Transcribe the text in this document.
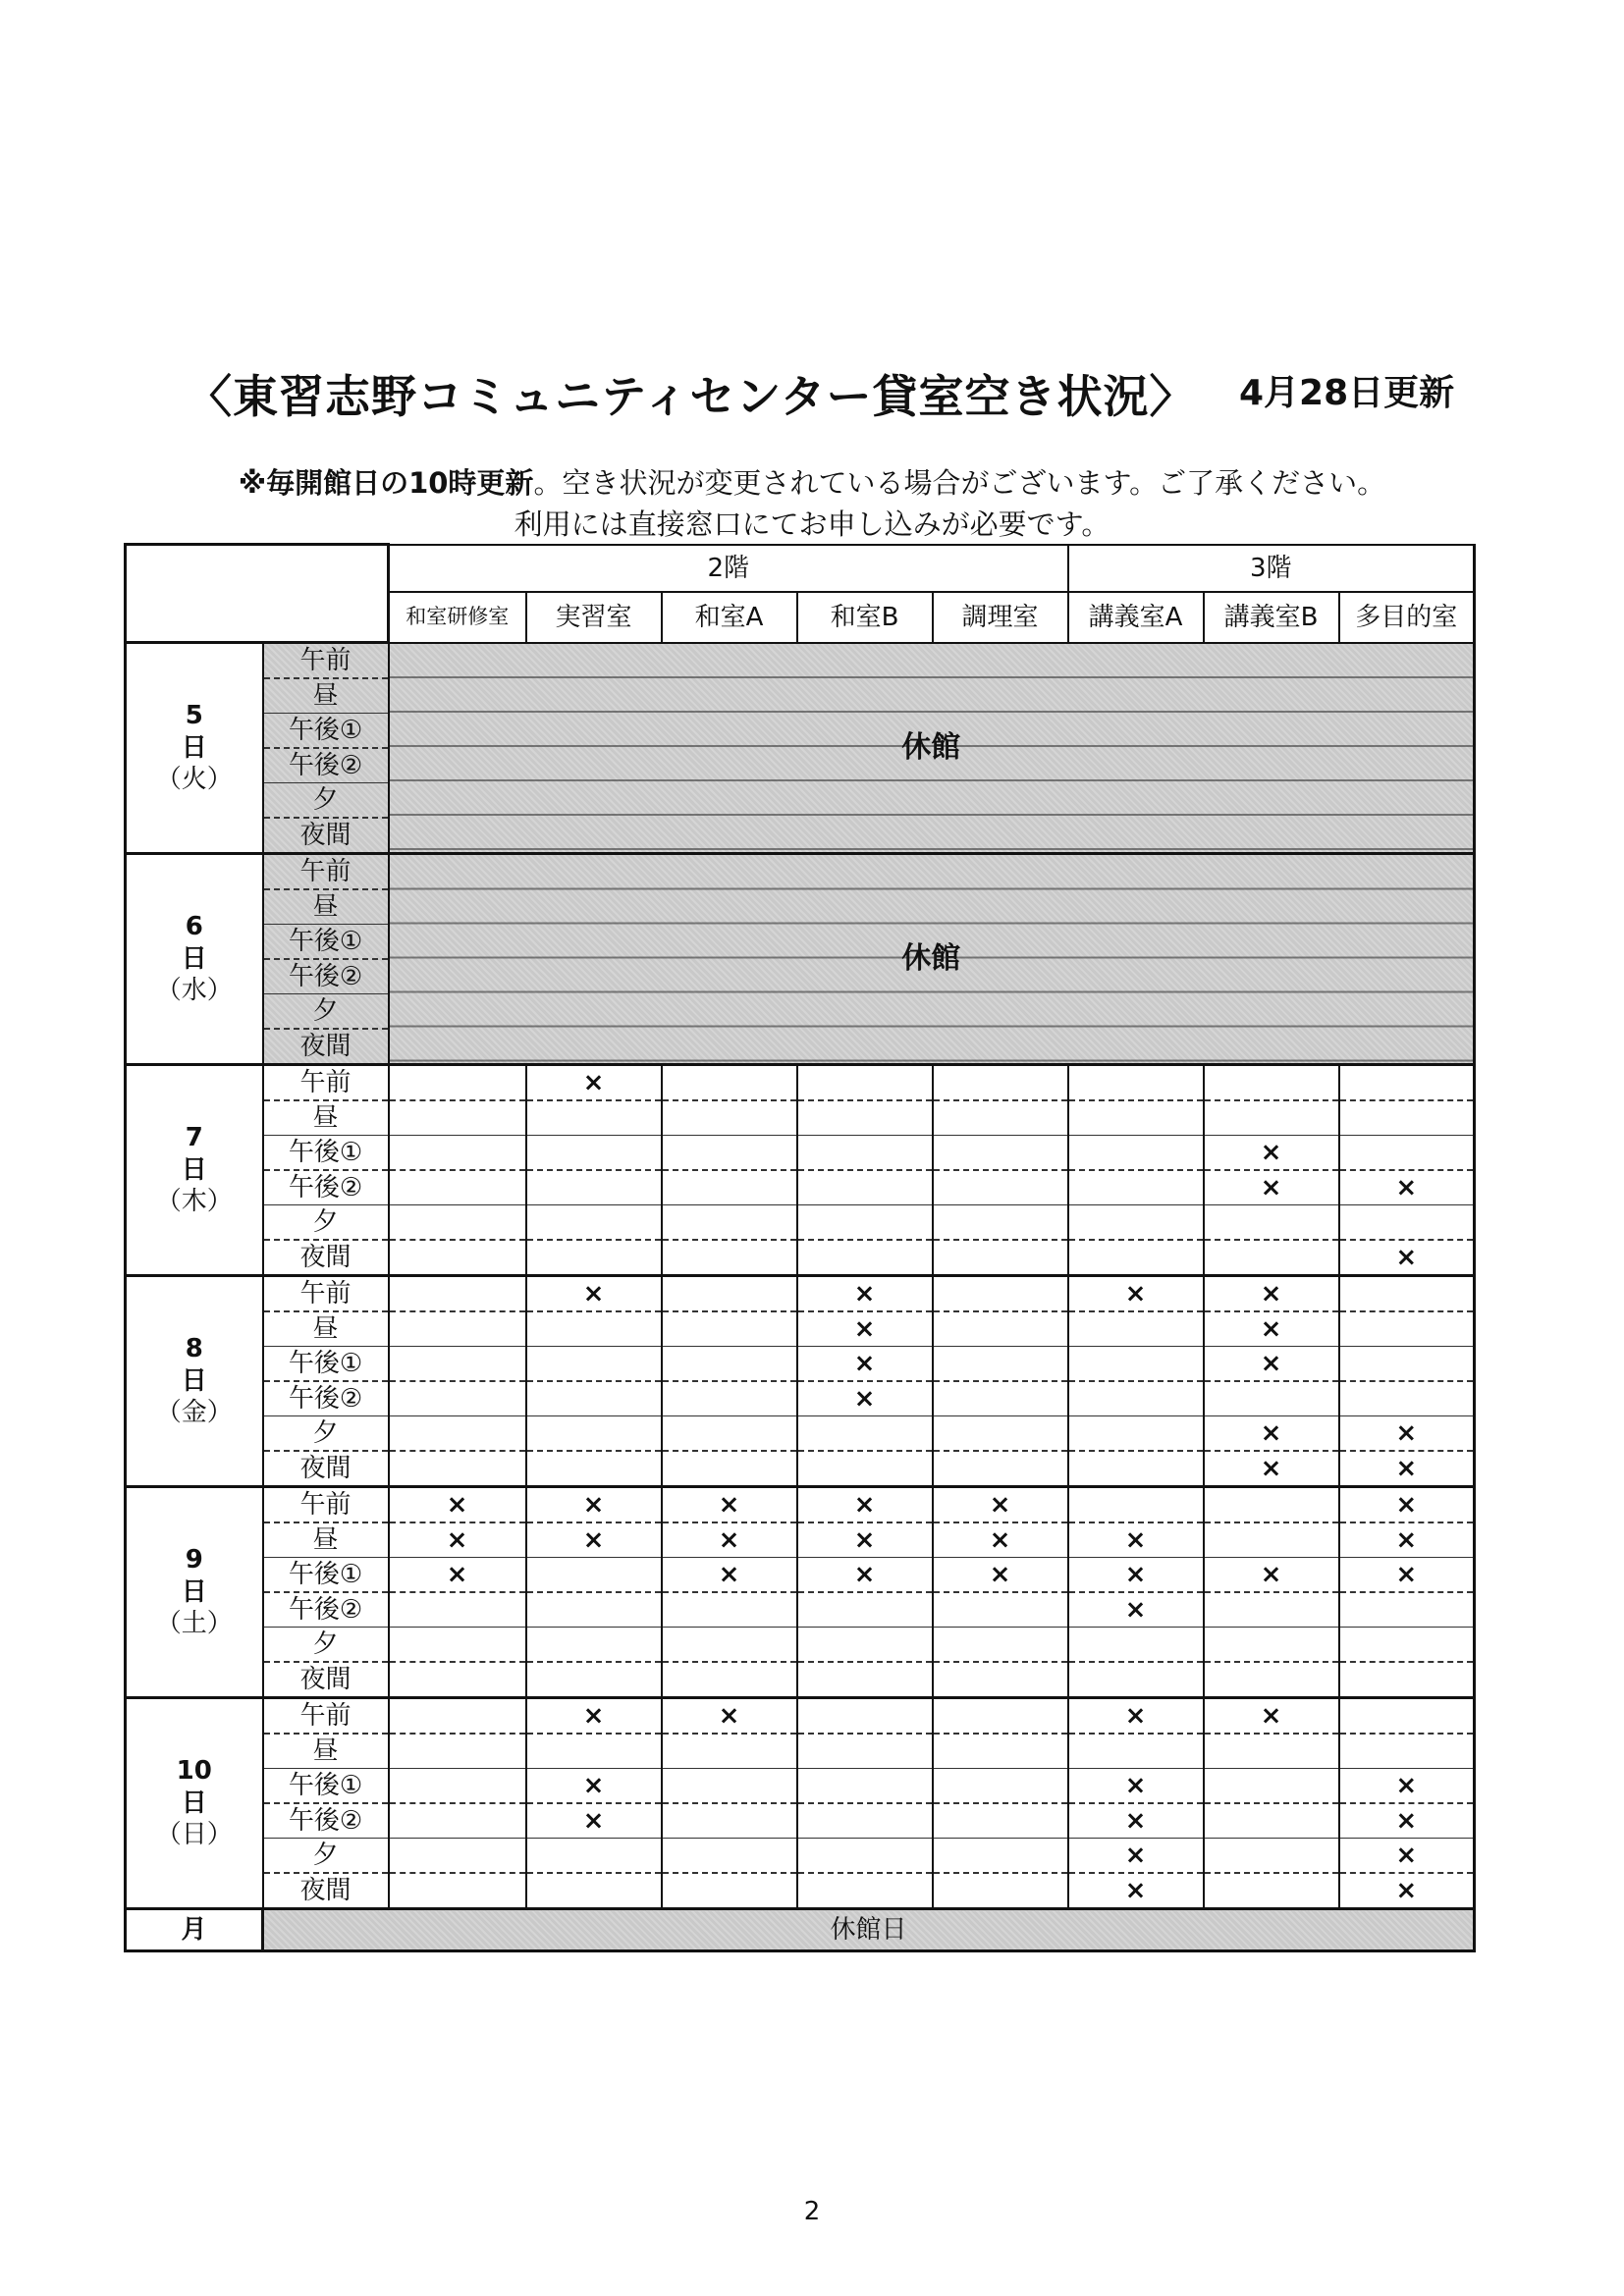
〈東習志野コミュニティセンター貸室空き状況〉 4月28日更新
※毎開館日の10時更新。空き状況が変更されている場合がございます。ご了承ください。
利用には直接窓口にてお申し込みが必要です。
		2階					3階		
		和室研修室	実習室	和室A	和室B	調理室	講義室A	講義室B	多目的室

5
日
（火）	午前	休館							
	昼								
	午後①								
	午後②								
	夕								
	夜間								

6
日
（水）	午前	休館							
	昼								
	午後①								
	午後②								
	夕								
	夜間								

7
日
（木）	午前		×						
	昼								
	午後①							×	
	午後②							×	×
	夕								
	夜間								×

8
日
（金）	午前		×		×		×	×	
	昼				×			×	
	午後①				×			×	
	午後②				×				
	夕							×	×
	夜間							×	×

9
日
（土）	午前	×	×	×	×	×			×
	昼	×	×	×	×	×	×		×
	午後①	×		×	×	×	×	×	×
	午後②						×		
	夕								
	夜間								

10
日
（日）	午前		×	×			×	×	
	昼								
	午後①		×				×		×
	午後②		×				×		×
	夕						×		×
	夜間						×		×
月	休館日								
2
